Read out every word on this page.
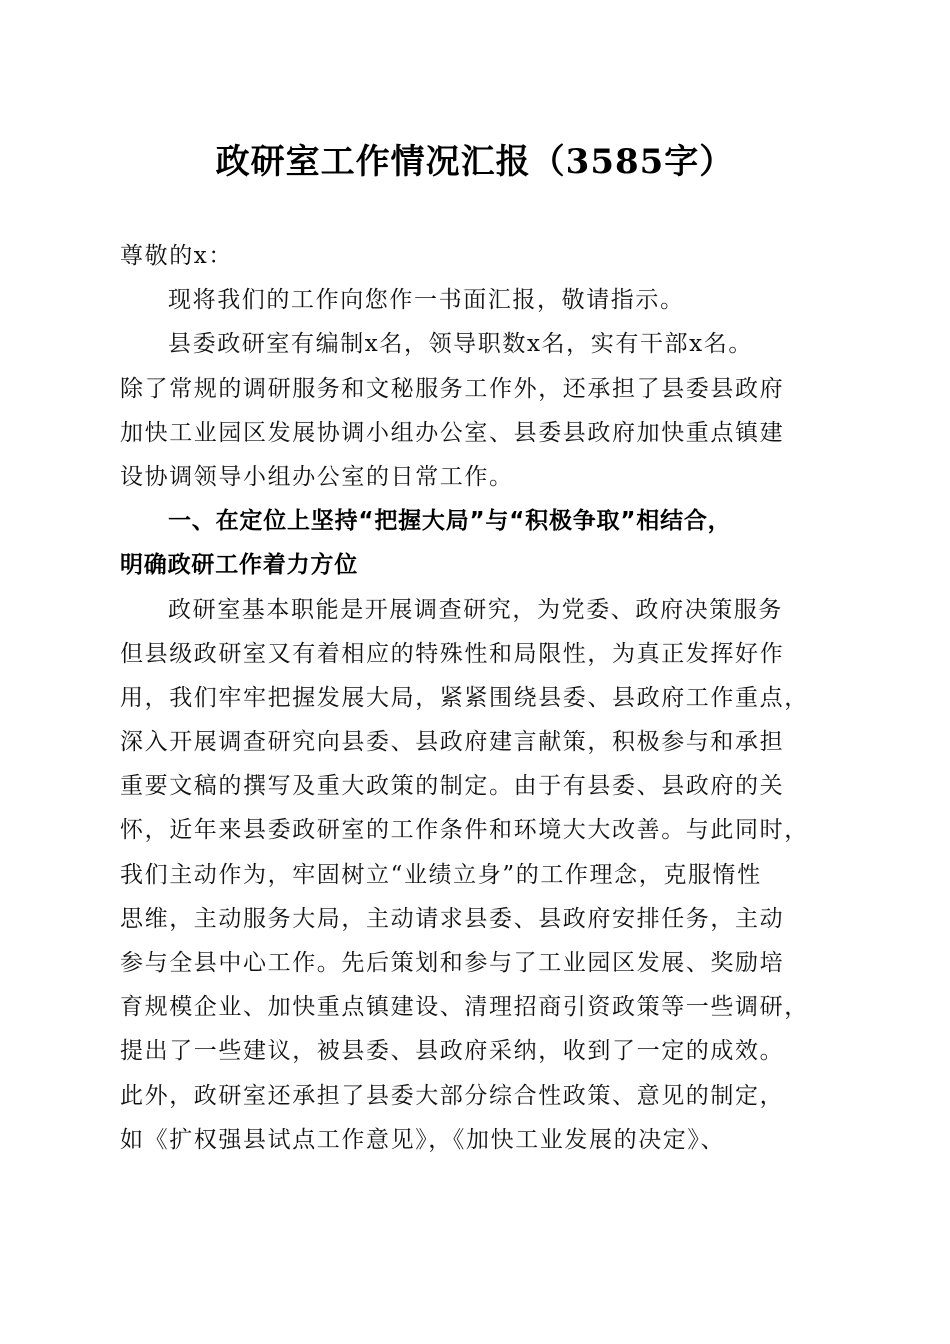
政研室工作情况汇报（3585字）
尊敬的x：
现将我们的工作向您作一书面汇报，敬请指示。
县委政研室有编制x名，领导职数x名，实有干部x名。
除了常规的调研服务和文秘服务工作外，还承担了县委县政府
加快工业园区发展协调小组办公室、县委县政府加快重点镇建
设协调领导小组办公室的日常工作。
一、在定位上坚持“把握大局”与“积极争取”相结合，
明确政研工作着力方位
政研室基本职能是开展调查研究，为党委、政府决策服务
但县级政研室又有着相应的特殊性和局限性，为真正发挥好作
用，我们牢牢把握发展大局，紧紧围绕县委、县政府工作重点，
深入开展调查研究向县委、县政府建言献策，积极参与和承担
重要文稿的撰写及重大政策的制定。由于有县委、县政府的关
怀，近年来县委政研室的工作条件和环境大大改善。与此同时，
我们主动作为，牢固树立“业绩立身”的工作理念，克服惰性
思维，主动服务大局，主动请求县委、县政府安排任务，主动
参与全县中心工作。先后策划和参与了工业园区发展、奖励培
育规模企业、加快重点镇建设、清理招商引资政策等一些调研，
提出了一些建议，被县委、县政府采纳，收到了一定的成效。
此外，政研室还承担了县委大部分综合性政策、意见的制定，
如《扩权强县试点工作意见》，《加快工业发展的决定》、
